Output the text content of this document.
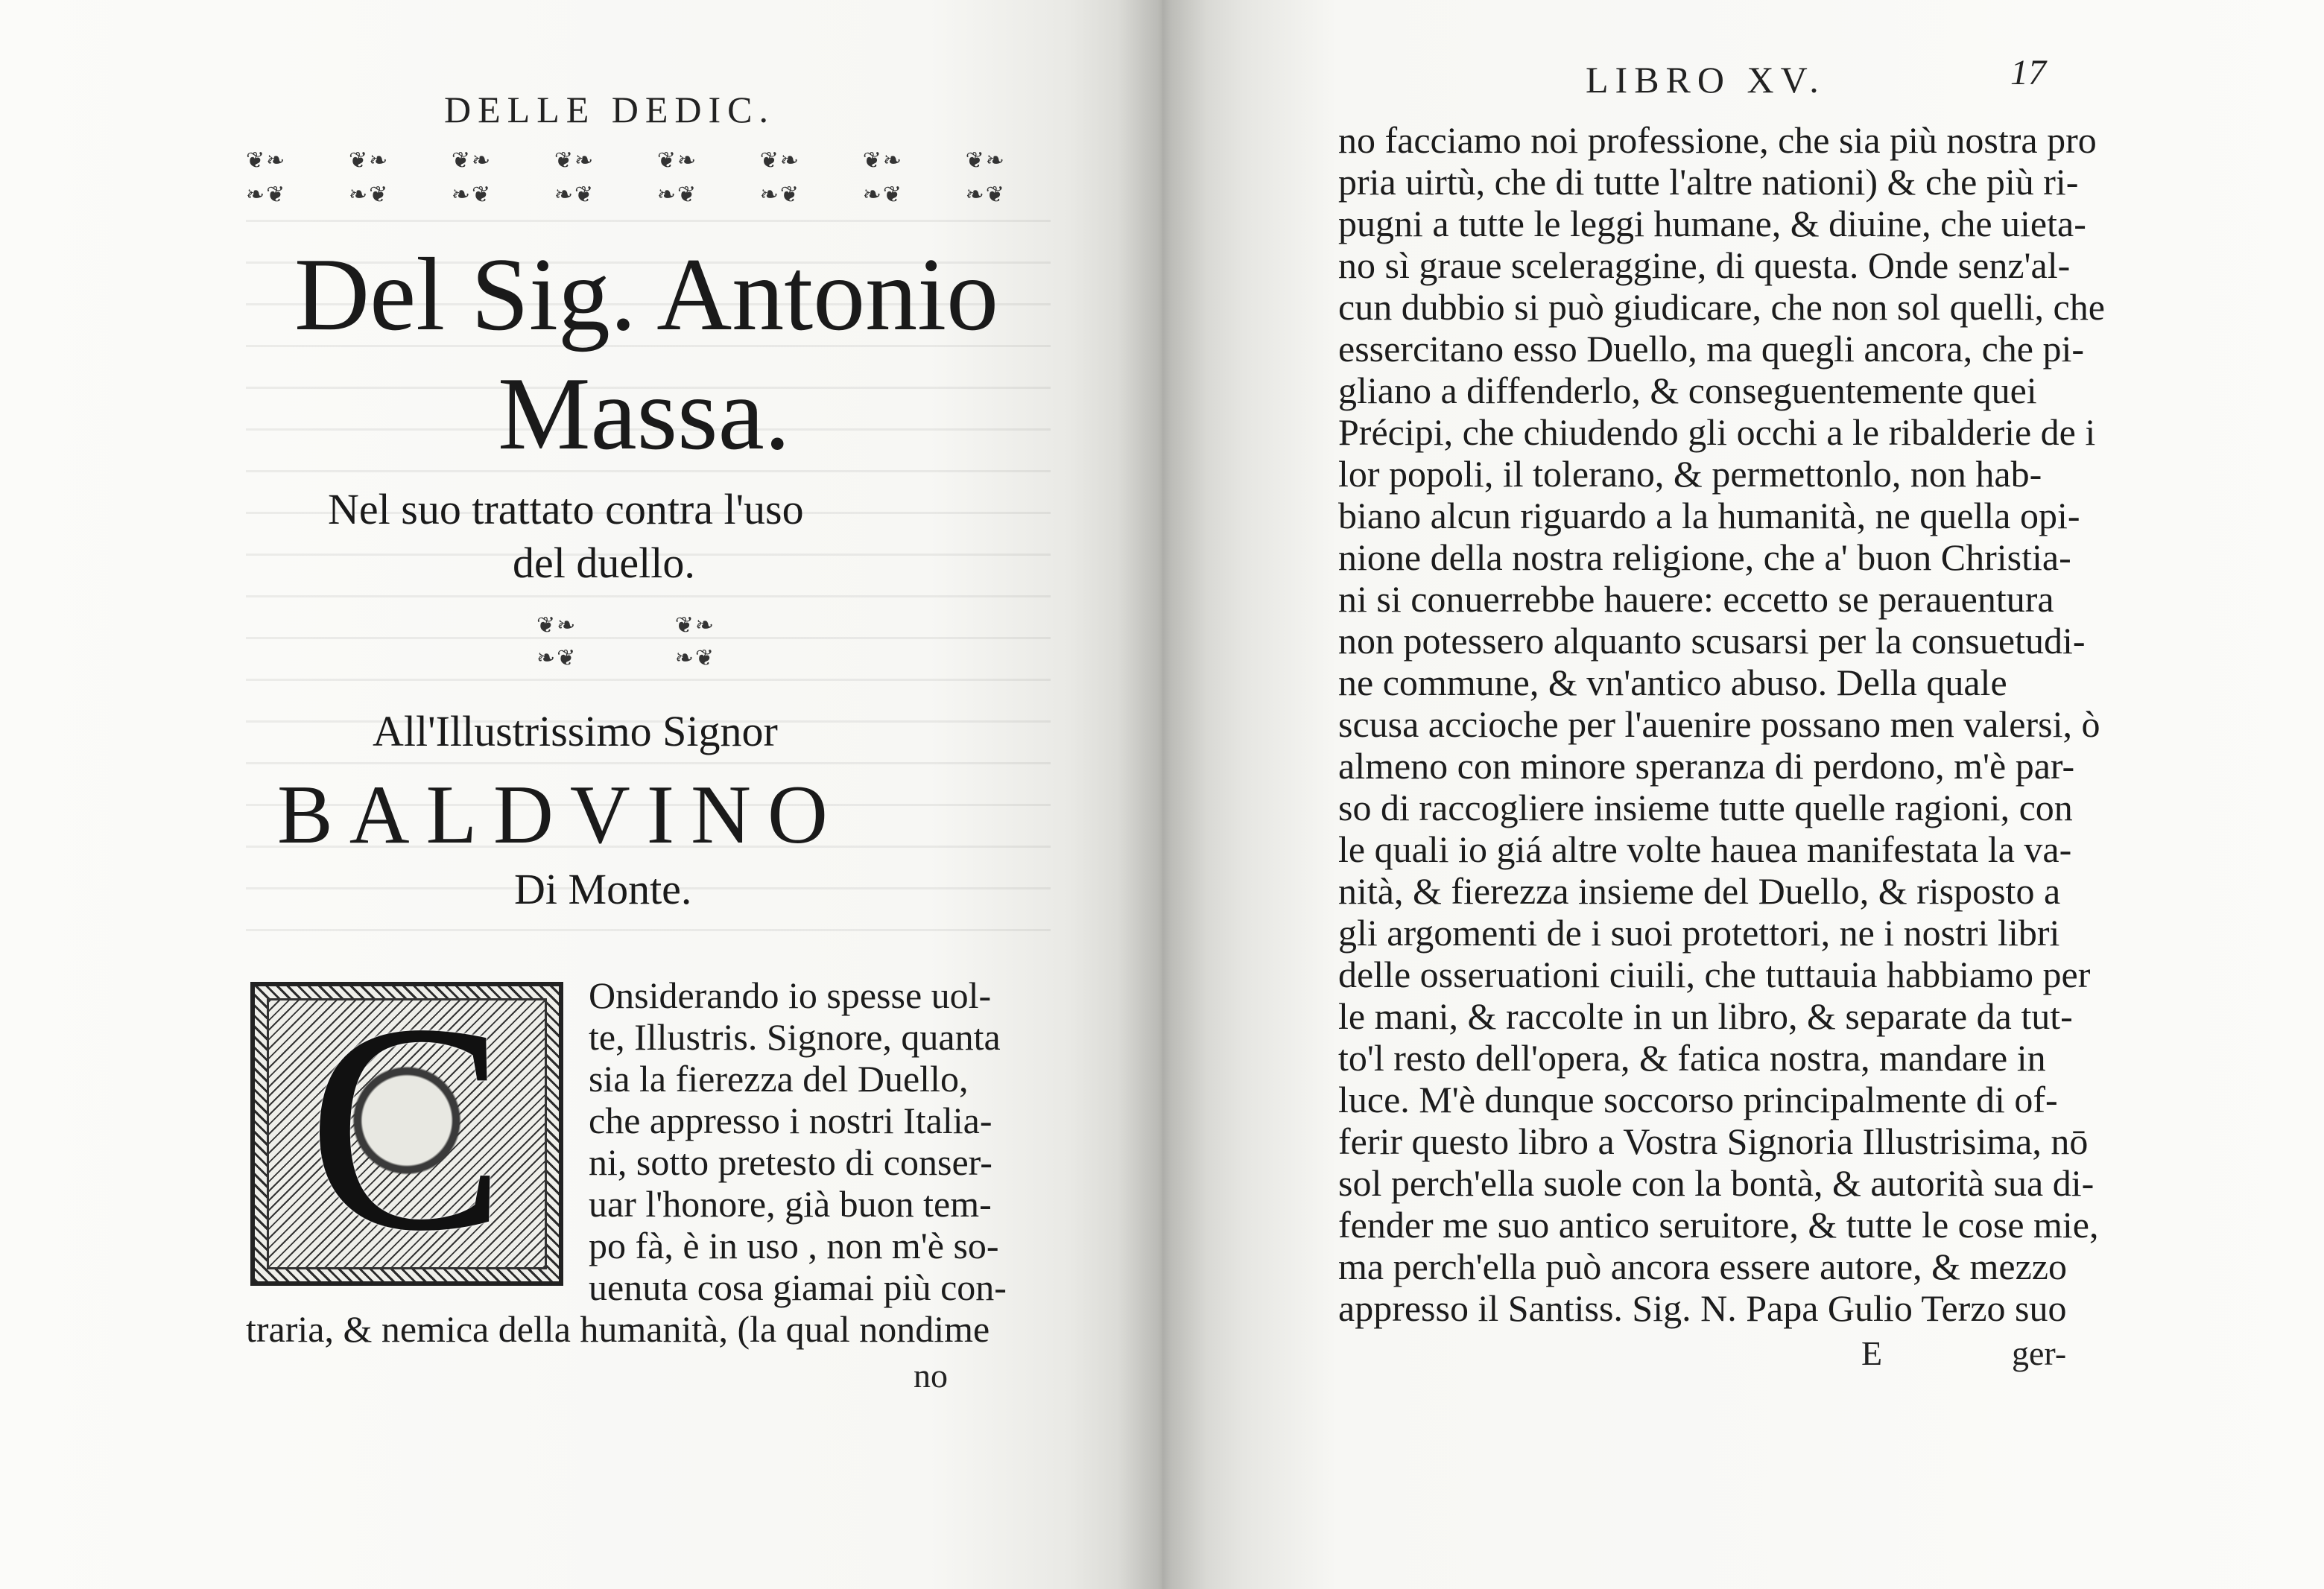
DELLE DEDIC.
❦❧	❦❧	❦❧	❦❧	❦❧	❦❧	❦❧	❦❧
❧❦	❧❦	❧❦	❧❦	❧❦	❧❦	❧❦	❧❦
Del Sig. Antonio
Massa.
Nel suo trattato contra l'uso
del duello.
❦❧	❦❧
❧❦	❧❦
All'Illustrissimo Signor
BALDVINO
Di Monte.
C	Onsiderando io spesse uol-
te, Illustris. Signore, quanta
sia la fierezza del Duello,
che appresso i nostri Italia-
ni, sotto pretesto di conser-
uar l'honore, già buon tem-
po fà, è in uso , non m'è so-
uenuta cosa giamai più con-
traria, & nemica della humanità, (la qual nondime
no
LIBRO XV.	17
no facciamo noi professione, che sia più nostra pro
pria uirtù, che di tutte l'altre nationi) & che più ri-
pugni a tutte le leggi humane, & diuine, che uieta-
no sì graue sceleraggine, di questa. Onde senz'al-
cun dubbio si può giudicare, che non sol quelli, che
essercitano esso Duello, ma quegli ancora, che pi-
gliano a diffenderlo, & conseguentemente quei
Précipi, che chiudendo gli occhi a le ribalderie de i
lor popoli, il tolerano, & permettonlo, non hab-
biano alcun riguardo a la humanità, ne quella opi-
nione della nostra religione, che a' buon Christia-
ni si conuerrebbe hauere: eccetto se perauentura
non potessero alquanto scusarsi per la consuetudi-
ne commune, & vn'antico abuso. Della quale
scusa accioche per l'auenire possano men valersi, ò
almeno con minore speranza di perdono, m'è par-
so di raccogliere insieme tutte quelle ragioni, con
le quali io giá altre volte hauea manifestata la va-
nità, & fierezza insieme del Duello, & risposto a
gli argomenti de i suoi protettori, ne i nostri libri
delle osseruationi ciuili, che tuttauia habbiamo per
le mani, & raccolte in un libro, & separate da tut-
to'l resto dell'opera, & fatica nostra, mandare in
luce. M'è dunque soccorso principalmente di of-
ferir questo libro a Vostra Signoria Illustrisima, nō
sol perch'ella suole con la bontà, & autorità sua di-
fender me suo antico seruitore, & tutte le cose mie,
ma perch'ella può ancora essere autore, & mezzo
appresso il Santiss. Sig. N. Papa Gulio Terzo suo
E	ger-
